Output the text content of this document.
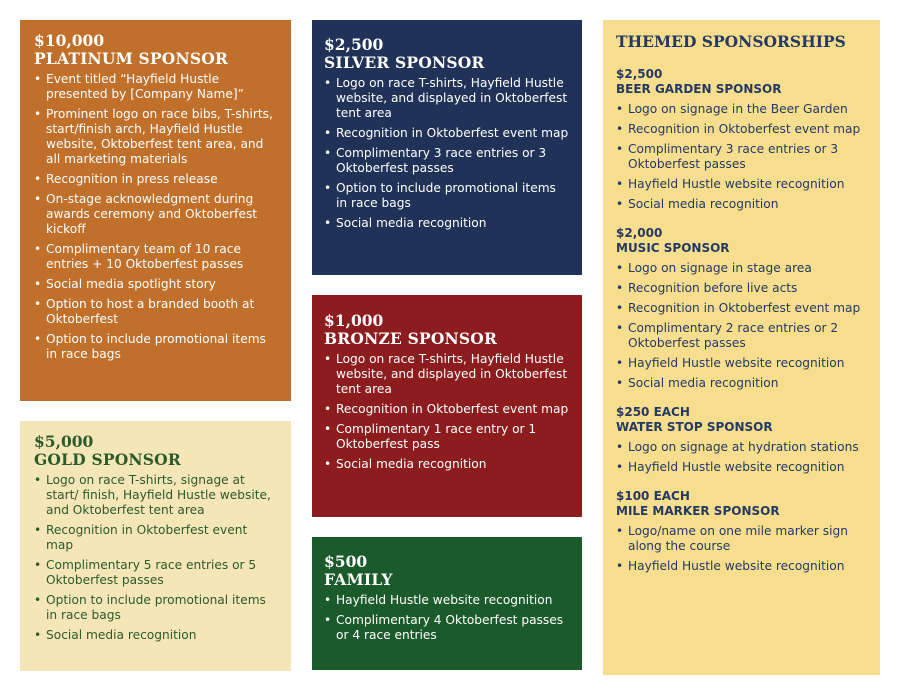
$10,000

PLATINUM SPONSOR

• Event titled “Hayfield Hustle presented by [Company Name]”
• Prominent logo on race bibs, T-shirts, start/finish arch, Hayfield Hustle website, Oktoberfest tent area, and all marketing materials
• Recognition in press release
• On-stage acknowledgment during awards ceremony and Oktoberfest kickoff
• Complimentary team of 10 race entries + 10 Oktoberfest passes
• Social media spotlight story
• Option to host a branded booth at Oktoberfest
• Option to include promotional items in race bags

$5,000

GOLD SPONSOR

• Logo on race T-shirts, signage at start/ finish, Hayfield Hustle website, and Oktoberfest tent area
• Recognition in Oktoberfest event map
• Complimentary 5 race entries or 5 Oktoberfest passes
• Option to include promotional items in race bags
• Social media recognition

$2,500

SILVER SPONSOR

• Logo on race T-shirts, Hayfield Hustle website, and displayed in Oktoberfest tent area
• Recognition in Oktoberfest event map
• Complimentary 3 race entries or 3 Oktoberfest passes
• Option to include promotional items in race bags
• Social media recognition

$1,000

BRONZE SPONSOR

• Logo on race T-shirts, Hayfield Hustle website, and displayed in Oktoberfest tent area
• Recognition in Oktoberfest event map
• Complimentary 1 race entry or 1 Oktoberfest pass
• Social media recognition

$500

FAMILY

• Hayfield Hustle website recognition
• Complimentary 4 Oktoberfest passes or 4 race entries

THEMED SPONSORSHIPS

$2,500

BEER GARDEN SPONSOR

• Logo on signage in the Beer Garden
• Recognition in Oktoberfest event map
• Complimentary 3 race entries or 3 Oktoberfest passes
• Hayfield Hustle website recognition
• Social media recognition

$2,000

MUSIC SPONSOR

• Logo on signage in stage area
• Recognition before live acts
• Recognition in Oktoberfest event map
• Complimentary 2 race entries or 2 Oktoberfest passes
• Hayfield Hustle website recognition
• Social media recognition

$250 EACH

WATER STOP SPONSOR

• Logo on signage at hydration stations
• Hayfield Hustle website recognition

$100 EACH

MILE MARKER SPONSOR

• Logo/name on one mile marker sign along the course
• Hayfield Hustle website recognition
